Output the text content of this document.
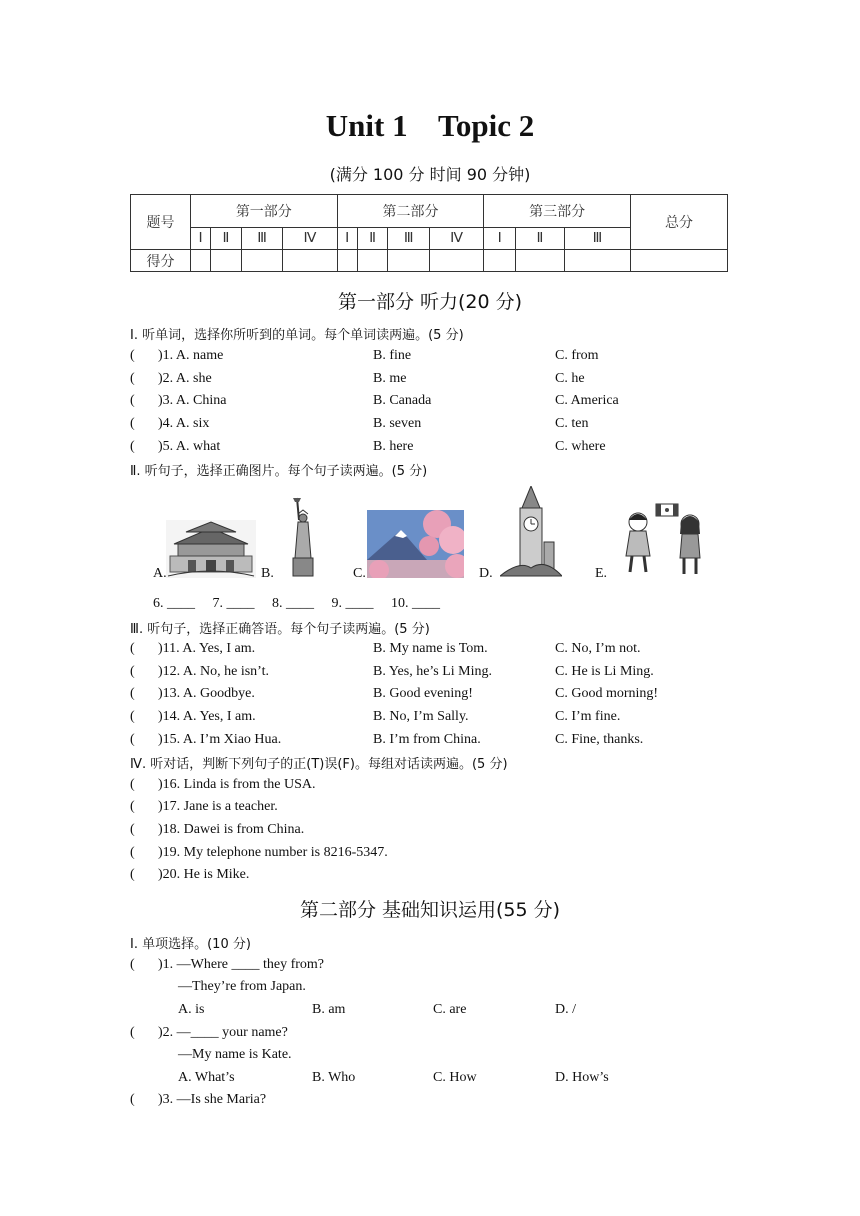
Unit 1    Topic 2
(满分 100 分 时间 90 分钟)
题号	第一部分				第二部分				第三部分			总分
	Ⅰ	Ⅱ	Ⅲ	Ⅳ	Ⅰ	Ⅱ	Ⅲ	Ⅳ	Ⅰ	Ⅱ	Ⅲ	
得分												
第一部分 听力(20 分)
Ⅰ. 听单词，选择你所听到的单词。每个单词读两遍。(5 分)
( )1. A. name	B. fine	C. from
( )2. A. she	B. me	C. he
( )3. A. China	B. Canada	C. America
( )4. A. six	B. seven	C. ten
( )5. A. what	B. here	C. where
Ⅱ. 听句子，选择正确图片。每个句子读两遍。(5 分)
A.	B.	C.	D.	E.
6. ____     7. ____     8. ____     9. ____     10. ____
Ⅲ. 听句子，选择正确答语。每个句子读两遍。(5 分)
( )11. A. Yes, I am.	B. My name is Tom.	C. No, I’m not.
( )12. A. No, he isn’t.	B. Yes, he’s Li Ming.	C. He is Li Ming.
( )13. A. Goodbye.	B. Good evening!	C. Good morning!
( )14. A. Yes, I am.	B. No, I’m Sally.	C. I’m fine.
( )15. A. I’m Xiao Hua.	B. I’m from China.	C. Fine, thanks.
Ⅳ. 听对话，判断下列句子的正(T)误(F)。每组对话读两遍。(5 分)
( )16. Linda is from the USA.
( )17. Jane is a teacher.
( )18. Dawei is from China.
( )19. My telephone number is 8216-5347.
( )20. He is Mike.
第二部分 基础知识运用(55 分)
Ⅰ. 单项选择。(10 分)
( )1. —Where ____ they from?
—They’re from Japan.
A. is	B. am	C. are	D. /
( )2. —____ your name?
—My name is Kate.
A. What’s	B. Who	C. How	D. How’s
( )3. —Is she Maria?
